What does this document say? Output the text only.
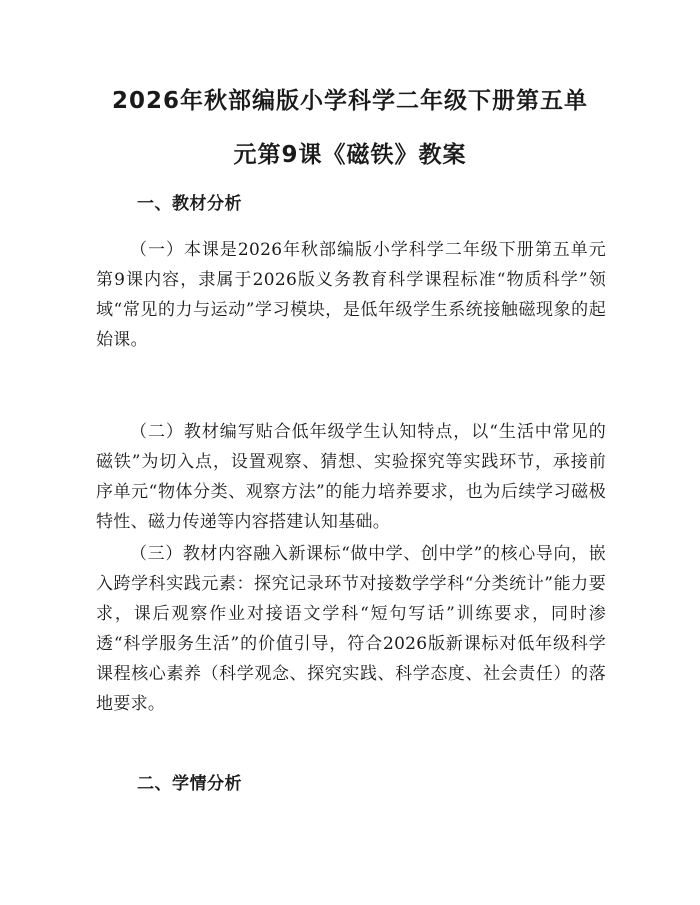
2026年秋部编版小学科学二年级下册第五单
元第9课《磁铁》教案
一、教材分析

（一）本课是2026年秋部编版小学科学二年级下册第五单元第9课内容，隶属于2026版义务教育科学课程标准“物质科学”领域“常见的力与运动”学习模块，是低年级学生系统接触磁现象的起始课。

（二）教材编写贴合低年级学生认知特点，以“生活中常见的磁铁”为切入点，设置观察、猜想、实验探究等实践环节，承接前序单元“物体分类、观察方法”的能力培养要求，也为后续学习磁极特性、磁力传递等内容搭建认知基础。

（三）教材内容融入新课标“做中学、创中学”的核心导向，嵌入跨学科实践元素：探究记录环节对接数学学科“分类统计”能力要求，课后观察作业对接语文学科“短句写话”训练要求，同时渗透“科学服务生活”的价值引导，符合2026版新课标对低年级科学课程核心素养（科学观念、探究实践、科学态度、社会责任）的落地要求。

二、学情分析
